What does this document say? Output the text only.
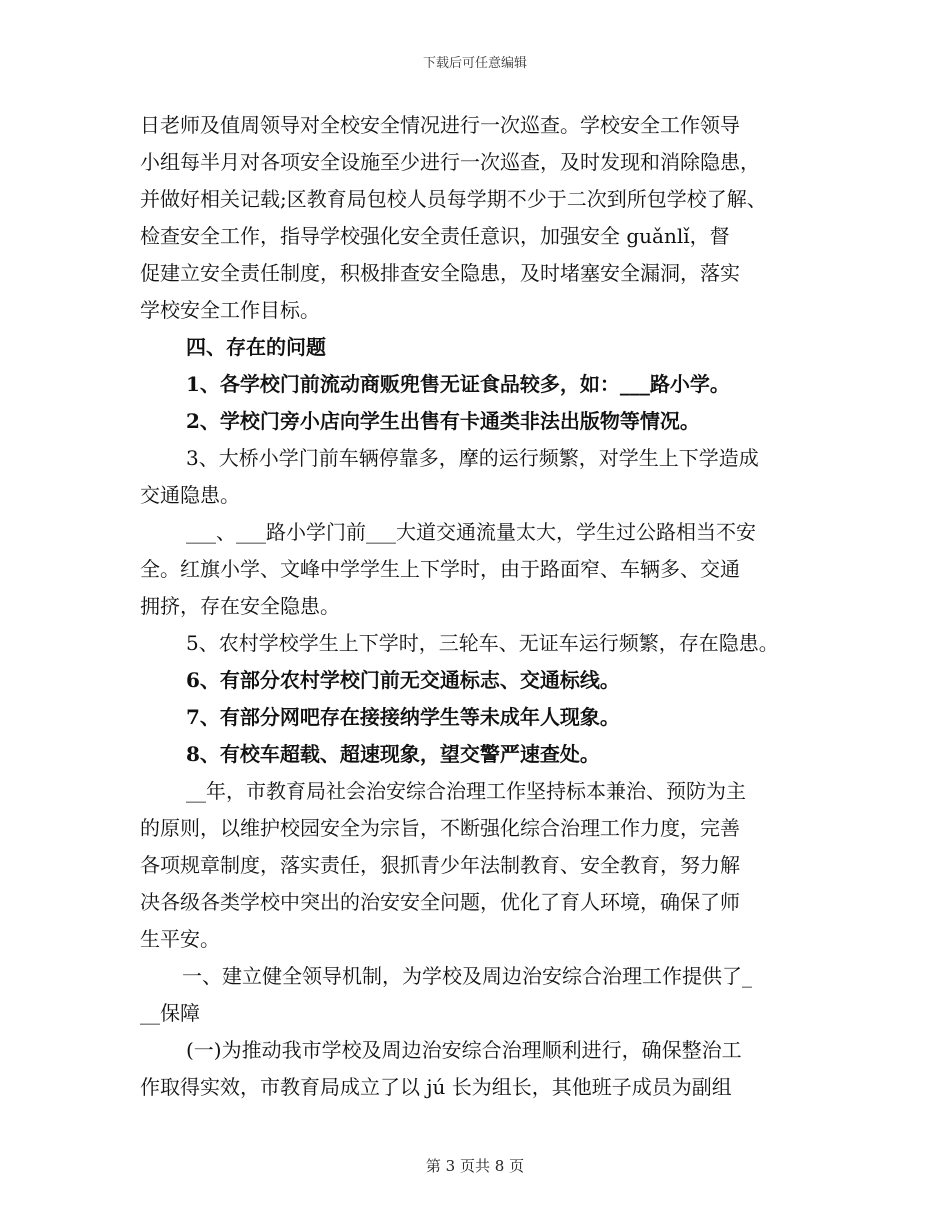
下载后可任意编辑
日老师及值周领导对全校安全情况进行一次巡查。学校安全工作领导
小组每半月对各项安全设施至少进行一次巡查，及时发现和消除隐患，
并做好相关记载;区教育局包校人员每学期不少于二次到所包学校了解、
检查安全工作，指导学校强化安全责任意识，加强安全 guǎnlǐ，督
促建立安全责任制度，积极排查安全隐患，及时堵塞安全漏洞，落实
学校安全工作目标。
四、存在的问题
1、各学校门前流动商贩兜售无证食品较多，如：___路小学。
2、学校门旁小店向学生出售有卡通类非法出版物等情况。
3、大桥小学门前车辆停靠多，摩的运行频繁，对学生上下学造成
交通隐患。
___、___路小学门前___大道交通流量太大，学生过公路相当不安
全。红旗小学、文峰中学学生上下学时，由于路面窄、车辆多、交通
拥挤，存在安全隐患。
5、农村学校学生上下学时，三轮车、无证车运行频繁，存在隐患。
6、有部分农村学校门前无交通标志、交通标线。
7、有部分网吧存在接接纳学生等未成年人现象。
8、有校车超载、超速现象，望交警严速查处。
__年，市教育局社会治安综合治理工作坚持标本兼治、预防为主
的原则，以维护校园安全为宗旨，不断强化综合治理工作力度，完善
各项规章制度，落实责任，狠抓青少年法制教育、安全教育，努力解
决各级各类学校中突出的治安安全问题，优化了育人环境，确保了师
生平安。
一、建立健全领导机制，为学校及周边治安综合治理工作提供了_
__保障
(一)为推动我市学校及周边治安综合治理顺利进行，确保整治工
作取得实效，市教育局成立了以 jú 长为组长，其他班子成员为副组
第 3 页共 8 页
